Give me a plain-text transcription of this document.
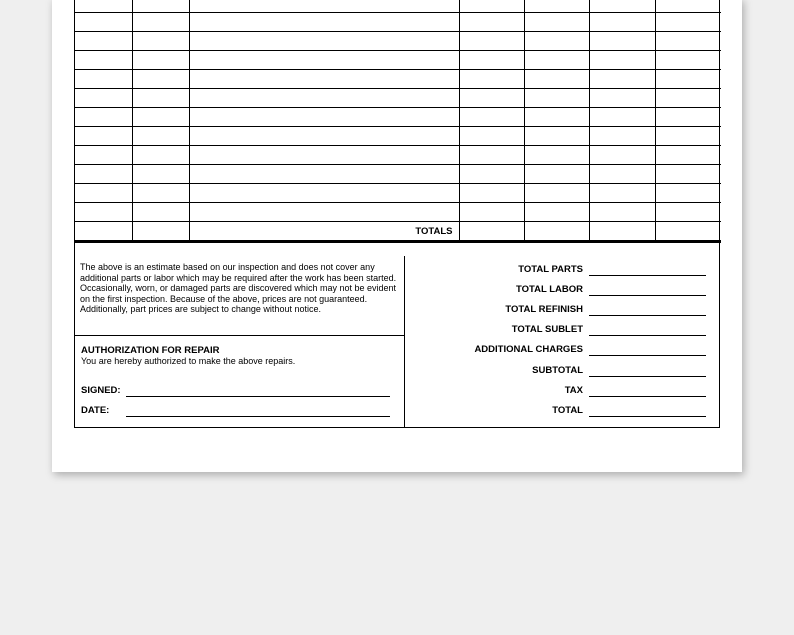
		TOTALS				
The above is an estimate based on our inspection and does not cover any additional parts or labor which may be required after the work has been started. Occasionally, worn, or damaged parts are discovered which may not be evident on the first inspection. Because of the above, prices are not guaranteed. Additionally, part prices are subject to change without notice.
AUTHORIZATION FOR REPAIR
You are hereby authorized to make the above repairs.
SIGNED:
DATE:
TOTAL PARTS
TOTAL LABOR
TOTAL REFINISH
TOTAL SUBLET
ADDITIONAL CHARGES
SUBTOTAL
TAX
TOTAL
